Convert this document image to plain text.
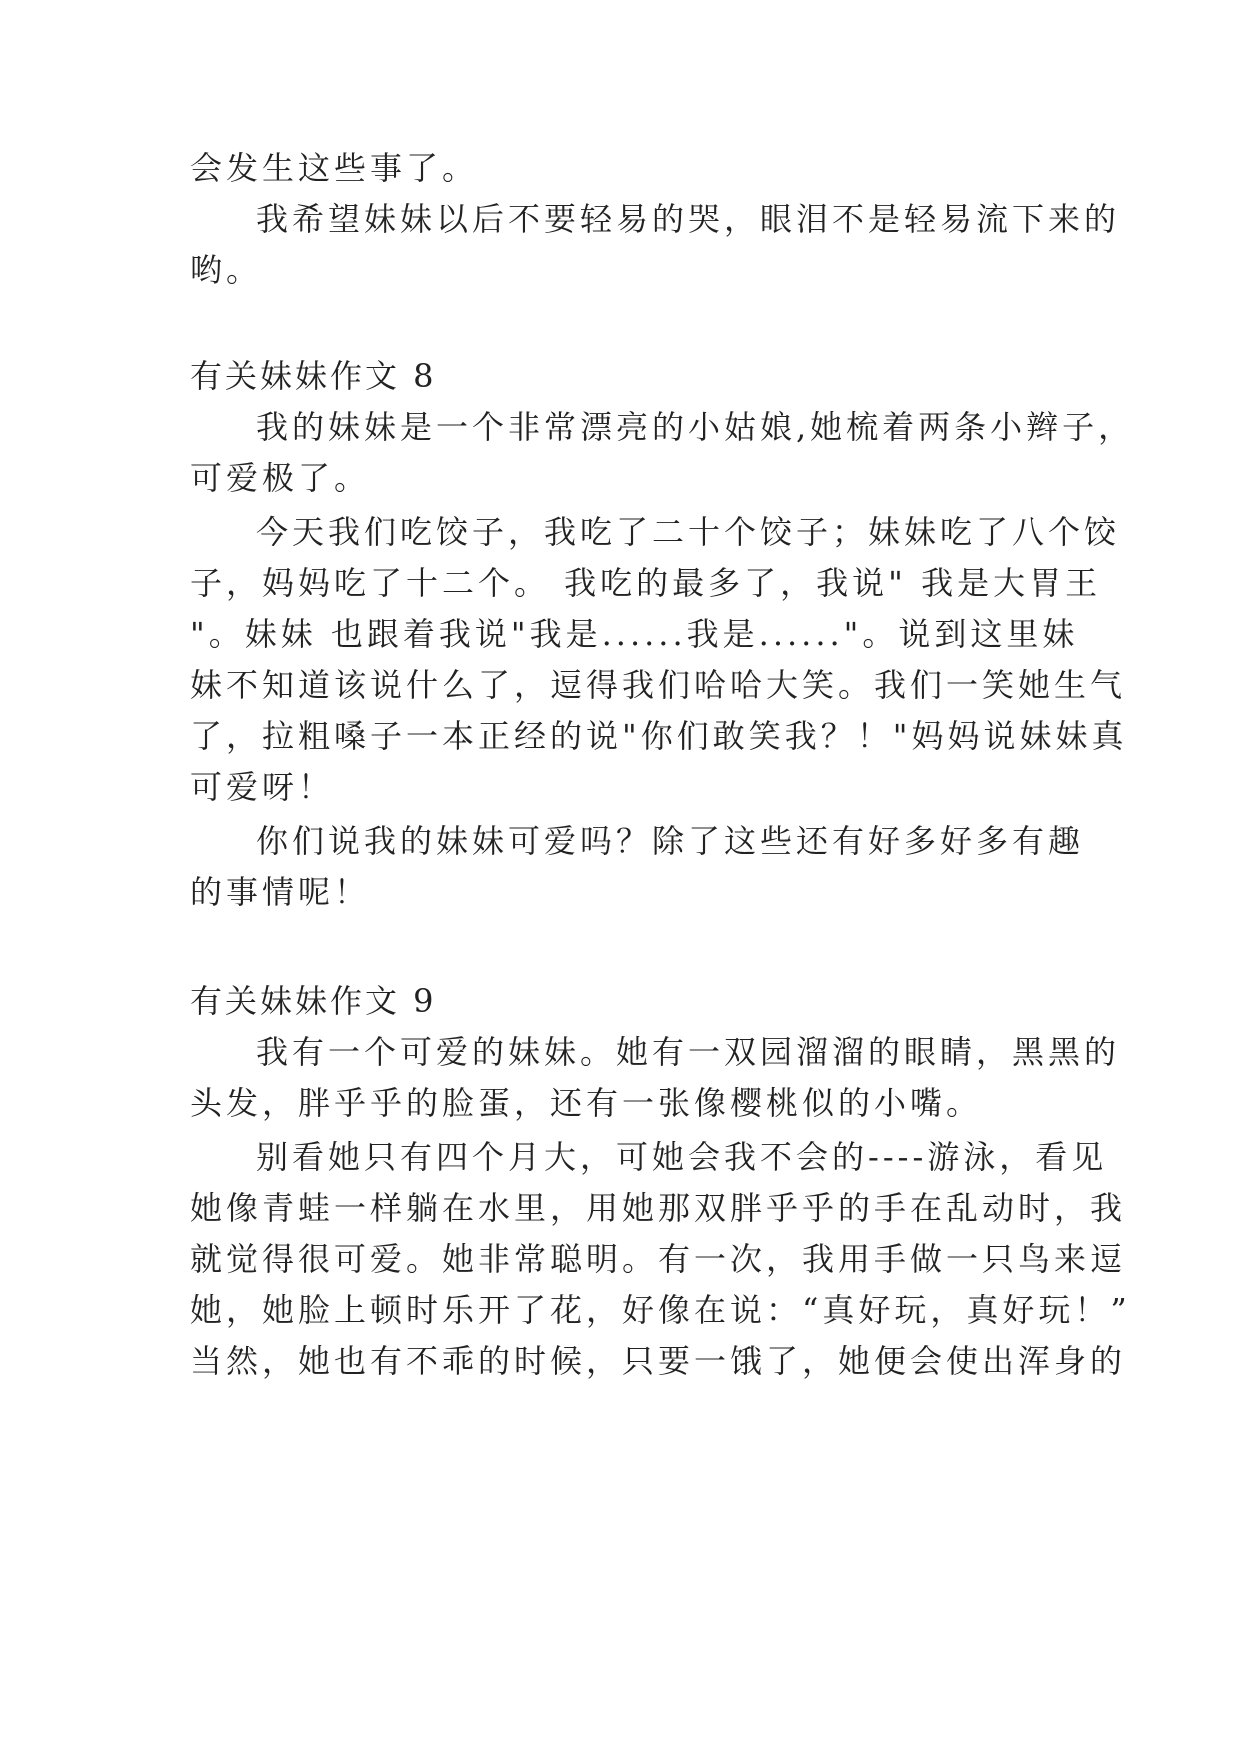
会发生这些事了。
我希望妹妹以后不要轻易的哭，眼泪不是轻易流下来的
哟。
有关妹妹作文 8
我的妹妹是一个非常漂亮的小姑娘,她梳着两条小辫子，
可爱极了。
今天我们吃饺子，我吃了二十个饺子；妹妹吃了八个饺
子，妈妈吃了十二个。 我吃的最多了，我说" 我是大胃王
"。妹妹 也跟着我说"我是......我是......"。说到这里妹
妹不知道该说什么了，逗得我们哈哈大笑。我们一笑她生气
了，拉粗嗓子一本正经的说"你们敢笑我？！"妈妈说妹妹真
可爱呀！
你们说我的妹妹可爱吗？除了这些还有好多好多有趣
的事情呢！
有关妹妹作文 9
我有一个可爱的妹妹。她有一双园溜溜的眼睛，黑黑的
头发，胖乎乎的脸蛋，还有一张像樱桃似的小嘴。
别看她只有四个月大，可她会我不会的----游泳，看见
她像青蛙一样躺在水里，用她那双胖乎乎的手在乱动时，我
就觉得很可爱。她非常聪明。有一次，我用手做一只鸟来逗
她，她脸上顿时乐开了花，好像在说：“真好玩，真好玩！”
当然，她也有不乖的时候，只要一饿了，她便会使出浑身的
